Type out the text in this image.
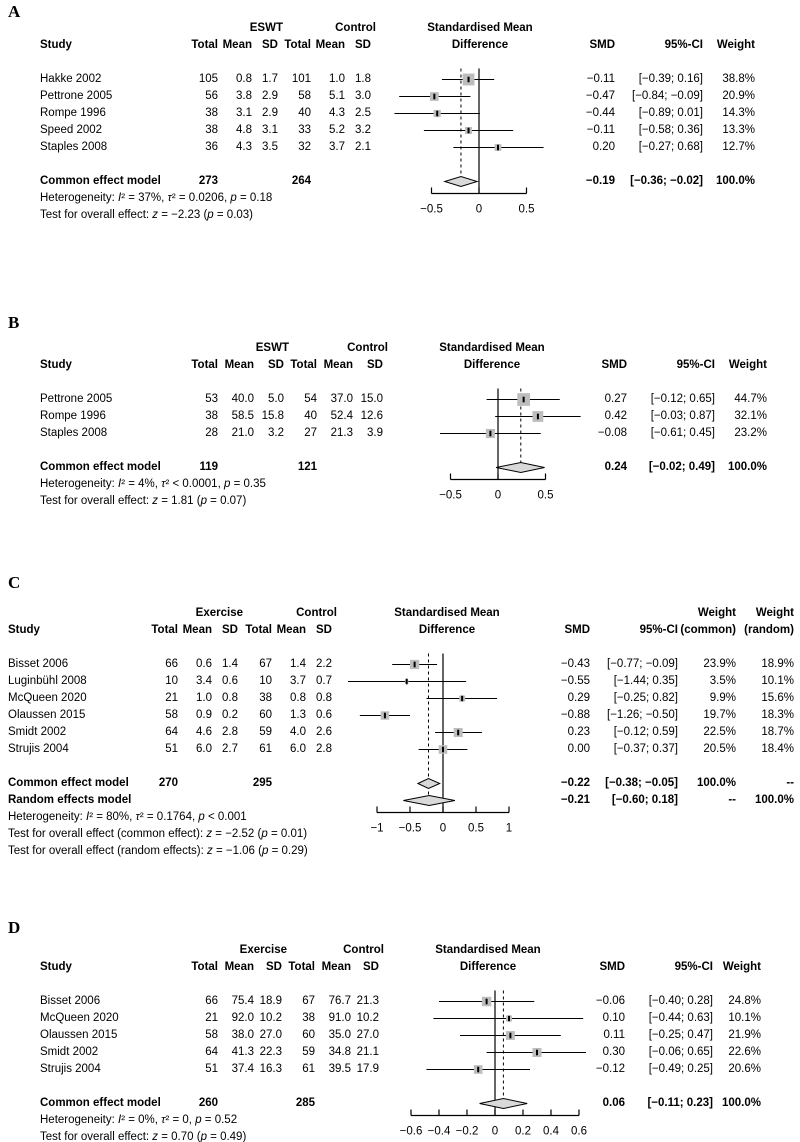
A
ESWT	Control	Standardised Mean
Study	Total Mean SD Total Mean SD	Difference	SMD	95%-CI	Weight
Hakke 2002	105	0.8 1.7	101	1.0 1.8	−0.11	[−0.39; 0.16]	38.8%
Pettrone 2005	56	3.8 2.9	58	5.1 3.0	−0.47	[−0.84; −0.09]	20.9%
Rompe 1996	38	3.1 2.9	40	4.3 2.5	−0.44	[−0.89; 0.01]	14.3%
Speed 2002	38	4.8 3.1	33	5.2 3.2	−0.11	[−0.58; 0.36]	13.3%
Staples 2008	36	4.3 3.5	32	3.7 2.1	0.20	[−0.27; 0.68]	12.7%
Common effect model	273	264	−0.19	[−0.36; −0.02]	100.0%
Heterogeneity: I² = 37%, τ² = 0.0206, p = 0.18
Test for overall effect: z = −2.23 (p = 0.03)	−0.5	0	0.5
B
ESWT	Control	Standardised Mean
Study	Total Mean	SD Total Mean	SD	Difference	SMD	95%-CI	Weight
Pettrone 2005	53	40.0	5.0	54	37.0 15.0	0.27	[−0.12; 0.65]	44.7%
Rompe 1996	38	58.5 15.8	40	52.4 12.6	0.42	[−0.03; 0.87]	32.1%
Staples 2008	28	21.0	3.2	27	21.3	3.9	−0.08	[−0.61; 0.45]	23.2%
Common effect model	119	121	0.24	[−0.02; 0.49]	100.0%
Heterogeneity: I² = 4%, τ² < 0.0001, p = 0.35
Test for overall effect: z = 1.81 (p = 0.07)	−0.5	0	0.5
C
Exercise	Control	Standardised Mean	Weight	Weight
Study	Total Mean SD Total Mean SD	Difference	SMD	95%-CI (common) (random)
Bisset 2006	66	0.6 1.4	67	1.4 2.2	−0.43	[−0.77; −0.09]	23.9%	18.9%
Luginbühl 2008	10	3.4 0.6	10	3.7 0.7	−0.55	[−1.44; 0.35]	3.5%	10.1%
McQueen 2020	21	1.0 0.8	38	0.8 0.8	0.29	[−0.25; 0.82]	9.9%	15.6%
Olaussen 2015	58	0.9 0.2	60	1.3 0.6	−0.88	[−1.26; −0.50]	19.7%	18.3%
Smidt 2002	64	4.6 2.8	59	4.0 2.6	0.23	[−0.12; 0.59]	22.5%	18.7%
Strujis 2004	51	6.0 2.7	61	6.0 2.8	0.00	[−0.37; 0.37]	20.5%	18.4%
Common effect model	270	295	−0.22	[−0.38; −0.05]	100.0%	--
Random effects model	−0.21	[−0.60; 0.18]	--	100.0%
Heterogeneity: I² = 80%, τ² = 0.1764, p < 0.001
Test for overall effect (common effect): z = −2.52 (p = 0.01)
Test for overall effect (random effects): z = −1.06 (p = 0.29)
−1 −0.5 0 0.5 1
D
Exercise	Control	Standardised Mean
Study	Total Mean	SD Total Mean	SD	Difference	SMD	95%-CI Weight
Bisset 2006	66	75.4 18.9	67	76.7 21.3	−0.06	[−0.40; 0.28]	24.8%
McQueen 2020	21	92.0 10.2	38	91.0 10.2	0.10	[−0.44; 0.63]	10.1%
Olaussen 2015	58	38.0 27.0	60	35.0 27.0	0.11	[−0.25; 0.47]	21.9%
Smidt 2002	64	41.3 22.3	59	34.8 21.1	0.30	[−0.06; 0.65]	22.6%
Strujis 2004	51	37.4 16.3	61	39.5 17.9	−0.12	[−0.49; 0.25]	20.6%
Common effect model	260	285	0.06	[−0.11; 0.23] 100.0%
Heterogeneity: I² = 0%, τ² = 0, p = 0.52
Test for overall effect: z = 0.70 (p = 0.49)	−0.6 −0.4 −0.2 0 0.2 0.4 0.6
